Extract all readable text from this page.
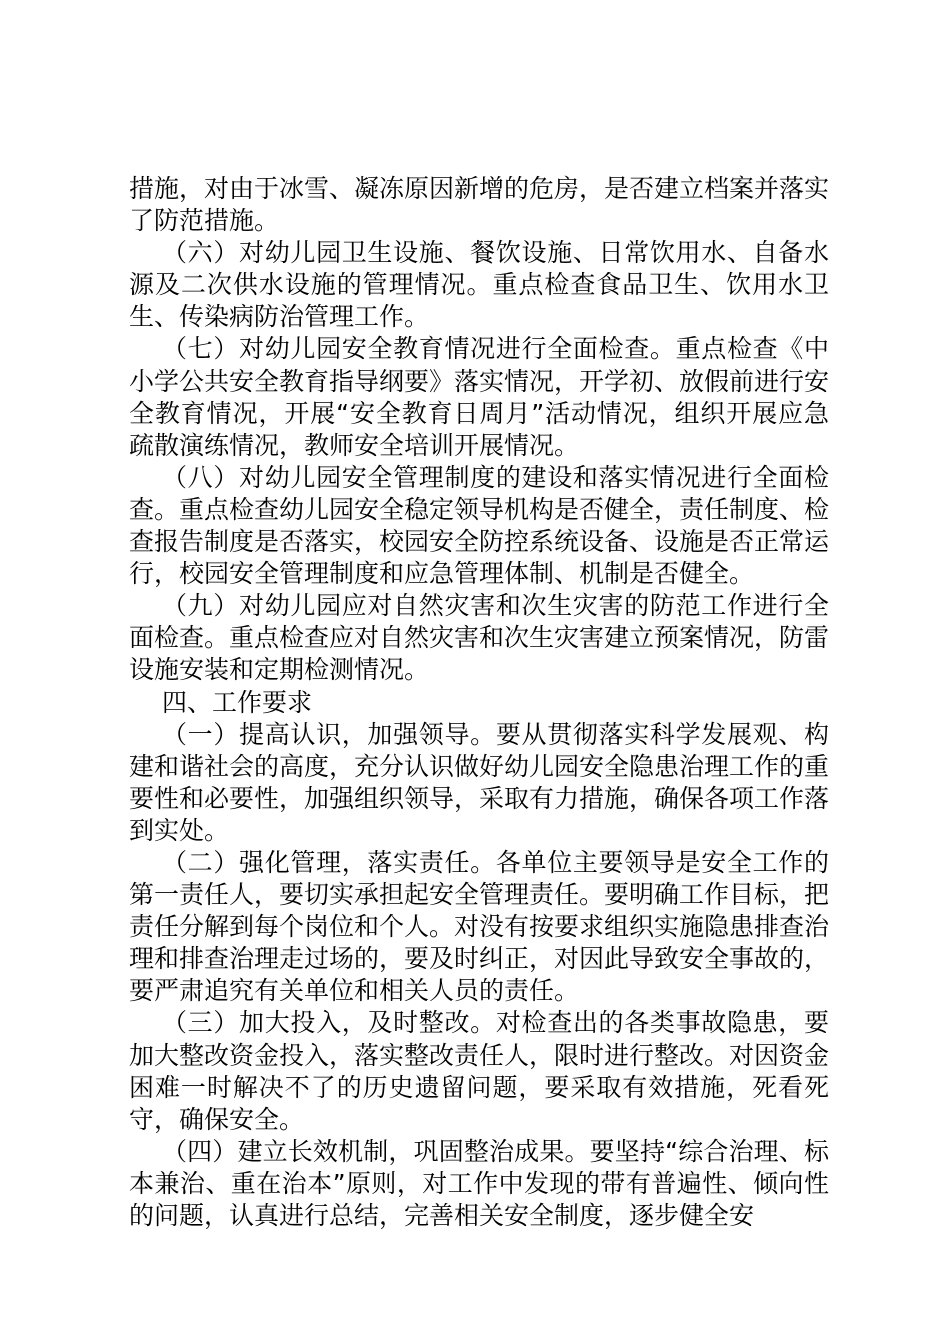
措施，对由于冰雪、凝冻原因新增的危房，是否建立档案并落实了防范措施。

（六）对幼儿园卫生设施、餐饮设施、日常饮用水、自备水源及二次供水设施的管理情况。重点检查食品卫生、饮用水卫生、传染病防治管理工作。

（七）对幼儿园安全教育情况进行全面检查。重点检查《中小学公共安全教育指导纲要》落实情况，开学初、放假前进行安全教育情况，开展“安全教育日周月”活动情况，组织开展应急疏散演练情况，教师安全培训开展情况。

（八）对幼儿园安全管理制度的建设和落实情况进行全面检查。重点检查幼儿园安全稳定领导机构是否健全，责任制度、检查报告制度是否落实，校园安全防控系统设备、设施是否正常运行，校园安全管理制度和应急管理体制、机制是否健全。

（九）对幼儿园应对自然灾害和次生灾害的防范工作进行全面检查。重点检查应对自然灾害和次生灾害建立预案情况，防雷设施安装和定期检测情况。

四、工作要求

（一）提高认识，加强领导。要从贯彻落实科学发展观、构建和谐社会的高度，充分认识做好幼儿园安全隐患治理工作的重要性和必要性，加强组织领导，采取有力措施，确保各项工作落到实处。

（二）强化管理，落实责任。各单位主要领导是安全工作的第一责任人，要切实承担起安全管理责任。要明确工作目标，把责任分解到每个岗位和个人。对没有按要求组织实施隐患排查治理和排查治理走过场的，要及时纠正，对因此导致安全事故的，要严肃追究有关单位和相关人员的责任。

（三）加大投入，及时整改。对检查出的各类事故隐患，要加大整改资金投入，落实整改责任人，限时进行整改。对因资金困难一时解决不了的历史遗留问题，要采取有效措施，死看死守，确保安全。

（四）建立长效机制，巩固整治成果。要坚持“综合治理、标本兼治、重在治本”原则，对工作中发现的带有普遍性、倾向性的问题，认真进行总结，完善相关安全制度，逐步健全安
